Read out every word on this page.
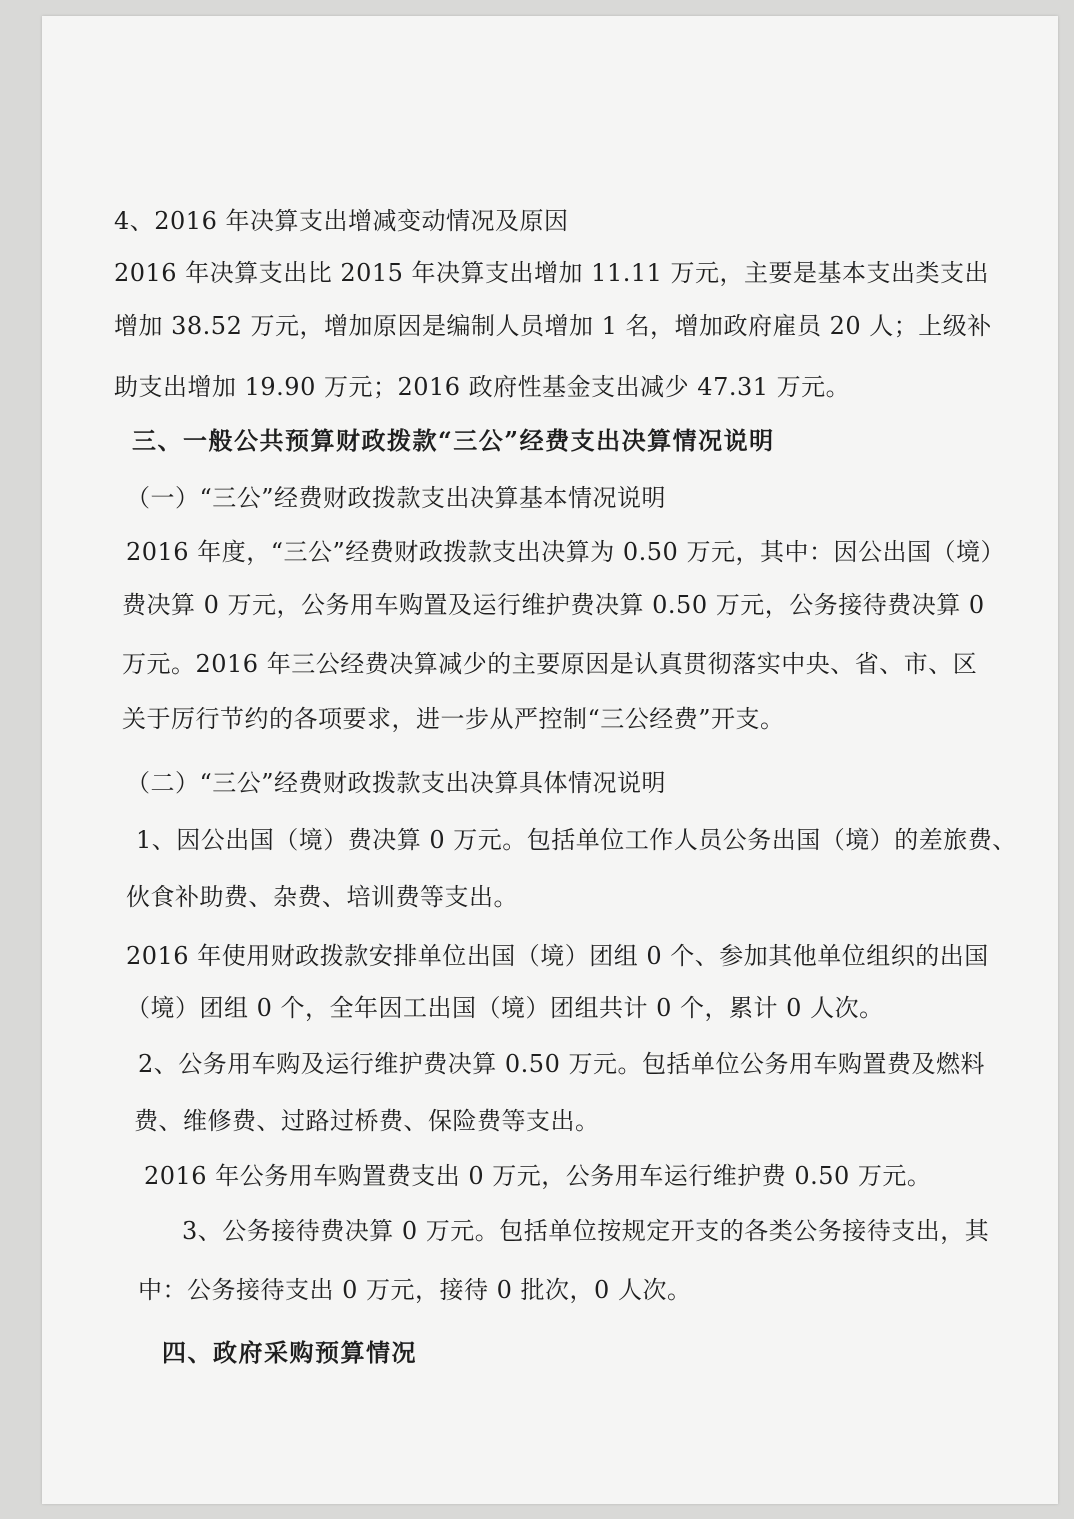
4、2016 年决算支出增减变动情况及原因
2016 年决算支出比 2015 年决算支出增加 11.11 万元，主要是基本支出类支出
增加 38.52 万元，增加原因是编制人员增加 1 名，增加政府雇员 20 人；上级补
助支出增加 19.90 万元；2016 政府性基金支出减少 47.31 万元。
三、一般公共预算财政拨款“三公”经费支出决算情况说明
（一）“三公”经费财政拨款支出决算基本情况说明
2016 年度，“三公”经费财政拨款支出决算为 0.50 万元，其中：因公出国（境）
费决算 0 万元，公务用车购置及运行维护费决算 0.50 万元，公务接待费决算 0
万元。2016 年三公经费决算减少的主要原因是认真贯彻落实中央、省、市、区
关于厉行节约的各项要求，进一步从严控制“三公经费”开支。
（二）“三公”经费财政拨款支出决算具体情况说明
1、因公出国（境）费决算 0 万元。包括单位工作人员公务出国（境）的差旅费、
伙食补助费、杂费、培训费等支出。
2016 年使用财政拨款安排单位出国（境）团组 0 个、参加其他单位组织的出国
（境）团组 0 个，全年因工出国（境）团组共计 0 个，累计 0 人次。
2、公务用车购及运行维护费决算 0.50 万元。包括单位公务用车购置费及燃料
费、维修费、过路过桥费、保险费等支出。
2016 年公务用车购置费支出 0 万元，公务用车运行维护费 0.50 万元。
3、公务接待费决算 0 万元。包括单位按规定开支的各类公务接待支出，其
中：公务接待支出 0 万元，接待 0 批次，0 人次。
四、政府采购预算情况
